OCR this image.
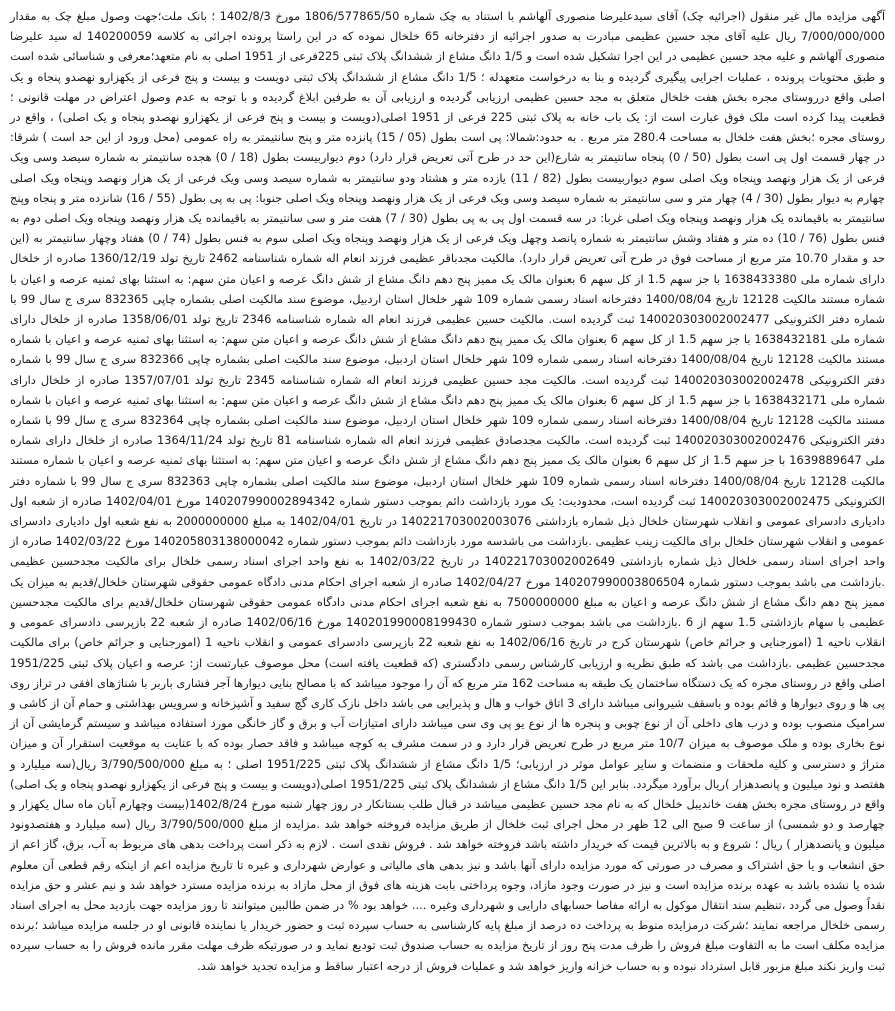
آگهی مزایده مال غیر منقول (اجرائیه چک) آقای سیدعلیرضا منصوری آلهاشم با استناد به چک شماره 1806/577865/50 مورخ 1402/8/3 ؛ بانک ملت؛جهت وصول مبلغ چک به مقدار 7/000/000/000 ریال علیه آقای مجد حسین عظیمی مبادرت به صدور اجرائیه از دفترخانه 65 خلخال نموده که در این راستا پرونده اجرائی به کلاسه 140200059 له سید علیرضا منصوری آلهاشم و علیه مجد حسین عظیمی در این اجرا تشکیل شده است و 1/5 دانگ مشاع از ششدانگ پلاک ثبتی 225فرعی از 1951 اصلی به نام متعهد؛معرفی و شناسائی شده است و طبق محتویات پرونده ، عملیات اجرایی پیگیری گردیده و بنا به درخواست متعهدله ؛ 1/5 دانگ مشاع از ششدانگ پلاک ثبتی دویست و بیست و پنج فرعی از یکهزارو نهصدو پنجاه و یک اصلی واقع درروستای مجره بخش هفت خلخال متعلق به مجد حسین عظیمی ارزیابی گردیده و ارزیابی آن به طرفین ابلاغ گردیده و با توجه به عدم وصول اعتراض در مهلت قانونی ؛ قطعیت پیدا کرده است ملک فوق عبارت است از: یک باب خانه به پلاک ثبتی 225 فرعی از 1951 اصلی(دویست و بیست و پنج فرعی از یکهزارو نهصدو پنجاه و یک اصلی) ، واقع در روستای مجره ؛بخش هفت خلخال به مساحت 280.4 متر مربع . به حدود:شمالا: پی است بطول (05 / 15) پانزده متر و پنج سانتیمتر به راه عمومی (محل ورود از این حد است ) شرقا: در چهار قسمت اول پی است بطول (50 / 0) پنجاه سانتیمتر به شارع(این حد در طرح آتی تعریض قرار دارد) دوم دیواربیست بطول (18 / 0) هجده سانتیمتر به شماره سیصد وسی ویک فرعی از یک هزار ونهصد وپنجاه ویک اصلی سوم دیواربیست بطول (82 / 11) یازده متر و هشتاد ودو سانتیمتر به شماره سیصد وسی ویک فرعی از یک هزار ونهصد وپنجاه ویک اصلی چهارم به دیوار بطول (30 / 4) چهار متر و سی سانتیمتر به شماره سیصد وسی ویک فرعی از یک هزار ونهصد وپنجاه ویک اصلی جنوبا: پی به پی بطول (55 / 16) شانزده متر و پنجاه وپنج سانتیمتر به باقیمانده یک هزار ونهصد وپنجاه ویک اصلی غربا: در سه قسمت اول پی به پی بطول (30 / 7) هفت متر و سی سانتیمتر به باقیمانده یک هزار ونهصد وپنجاه ویک اصلی دوم به فنس بطول (76 / 10) ده متر و هفتاد وشش سانتیمتر به شماره پانصد وچهل ویک فرعی از یک هزار ونهصد وپنجاه ویک اصلی سوم به فنس بطول (74 / 0) هفتاد وچهار سانتیمتر به (این حد و مقدار 10.70 متر مربع از مساحت فوق در طرح آتی تعریض قرار دارد). مالکیت مجدباقر عظیمی فرزند انعام اله شماره شناسنامه 2462 تاریخ تولد 1360/12/19 صادره از خلخال دارای شماره ملی 1638433380 با جز سهم 1.5 از کل سهم 6 بعنوان مالک یک ممیز پنج دهم دانگ مشاع از شش دانگ عرصه و اعیان متن سهم: به استثنا بهای ثمنیه عرصه و اعیان با شماره مستند مالکیت 12128 تاریخ 1400/08/04 دفترخانه اسناد رسمی شماره 109 شهر خلخال استان اردبیل، موضوع سند مالکیت اصلی بشماره چاپی 832365 سری ج سال 99 با شماره دفتر الکترونیکی 140020303002002477 ثبت گردیده است. مالکیت حسین عظیمی فرزند انعام اله شماره شناسنامه 2346 تاریخ تولد 1358/06/01 صادره از خلخال دارای شماره ملی 1638432181 با جز سهم 1.5 از کل سهم 6 بعنوان مالک یک ممیز پنج دهم دانگ مشاع از شش دانگ عرصه و اعیان متن سهم: به استثنا بهای ثمنیه عرصه و اعیان با شماره مستند مالکیت 12128 تاریخ 1400/08/04 دفترخانه اسناد رسمی شماره 109 شهر خلخال استان اردبیل، موضوع سند مالکیت اصلی بشماره چاپی 832366 سری ج سال 99 با شماره دفتر الکترونیکی 140020303002002478 ثبت گردیده است. مالکیت مجد حسین عظیمی فرزند انعام اله شماره شناسنامه 2345 تاریخ تولد 1357/07/01 صادره از خلخال دارای شماره ملی 1638432171 با جز سهم 1.5 از کل سهم 6 بعنوان مالک یک ممیز پنج دهم دانگ مشاع از شش دانگ عرصه و اعیان متن سهم: به استثنا بهای ثمنیه عرصه و اعیان با شماره مستند مالکیت 12128 تاریخ 1400/08/04 دفترخانه اسناد رسمی شماره 109 شهر خلخال استان اردبیل، موضوع سند مالکیت اصلی بشماره چاپی 832364 سری ج سال 99 با شماره دفتر الکترونیکی 140020303002002476 ثبت گردیده است. مالکیت مجدصادق عظیمی فرزند انعام اله شماره شناسنامه 81 تاریخ تولد 1364/11/24 صادره از خلخال دارای شماره ملی 1639889647 با جز سهم 1.5 از کل سهم 6 بعنوان مالک یک ممیز پنج دهم دانگ مشاع از شش دانگ عرصه و اعیان متن سهم: به استثنا بهای ثمنیه عرصه و اعیان با شماره مستند مالکیت 12128 تاریخ 1400/08/04 دفترخانه اسناد رسمی شماره 109 شهر خلخال استان اردبیل، موضوع سند مالکیت اصلی بشماره چاپی 832363 سری ج سال 99 با شماره دفتر الکترونیکی 140020303002002475 ثبت گردیده است، محدودیت: یک مورد بازداشت دائم بموجب دستور شماره 140207990002894342 مورخ 1402/04/01 صادره از شعبه اول دادیاری دادسرای عمومی و انقلاب شهرستان خلخال ذیل شماره بازداشتی 140221703002003076 در تاریخ 1402/04/01 به مبلغ 2000000000 به نفع شعبه اول دادیاری دادسرای عمومی و انقلاب شهرستان خلخال برای مالکیت زینب عظیمی .بازداشت می باشدسه مورد بازداشت دائم بموجب دستور شماره 140205803138000042 مورخ 1402/03/22 صادره از واحد اجرای اسناد رسمی خلخال ذیل شماره بازداشتی 140221703002002649 در تاریخ 1402/03/22 به نفع واحد اجرای اسناد رسمی خلخال برای مالکیت مجدحسین عظیمی .بازداشت می باشد بموجب دستور شماره 140207990003806504 مورخ 1402/04/27 صادره از شعبه اجرای احکام مدنی دادگاه عمومی حقوقی شهرستان خلخال/قدیم به میزان یک ممیز پنج دهم دانگ مشاع از شش دانگ عرصه و اعیان به مبلغ 7500000000 به نفع شعبه اجرای احکام مدنی دادگاه عمومی حقوقی شهرستان خلخال/قدیم برای مالکیت مجدحسین عظیمی با سهام بازداشتی 1.5 سهم از 6 .بازداشت می باشد بموجب دستور شماره 140201990008199430 مورخ 1402/06/16 صادره از شعبه 22 بازپرسی دادسرای عمومی و انقلاب ناحیه 1 (امورجنایی و جرائم خاص) شهرستان کرج در تاریخ 1402/06/16 به نفع شعبه 22 بازپرسی دادسرای عمومی و انقلاب ناحیه 1 (امورجنایی و جرائم خاص) برای مالکیت مجدحسین عظیمی .بازداشت می باشد که طبق نظریه و ارزیابی کارشناس رسمی دادگستری (که قطعیت یافته است) محل موصوف عبارتست از: عرصه و اعیان پلاک ثبتی 1951/225 اصلی واقع در روستای مجره که یک دستگاه ساختمان یک طبقه به مساحت 162 متر مربع که آن را موجود میباشد که با مصالح بنایی دیوارها آجر فشاری باربر با شناژهای افقی در تراز روی پی ها و روی دیوارها و قائم بوده و باسقف شیروانی میباشد دارای 3 اتاق خواب و هال و پذیرایی می باشد داخل نازک کاری گچ سفید و آشپزخانه و سرویس بهداشتی و حمام آن از کاشی و سرامیک منصوب بوده و درب های داخلی آن از نوع چوبی و پنجره ها از نوع یو پی وی سی میباشد دارای امتیازات آب و برق و گاز خانگی مورد استفاده میباشد و سیستم گرمایشی آن از نوع بخاری بوده و ملک موصوف به میزان 10/7 متر مربع در طرح تعریض قرار دارد و در سمت مشرف به کوچه میباشد و فاقد حصار بوده که با عنایت به موقعیت استقرار آن و میزان متراژ و دسترسی و کلیه ملحقات و منضمات و سایر عوامل موثر در ارزیابی؛ 1/5 دانگ مشاع از ششدانگ پلاک ثبتی 1951/225 اصلی ؛ به مبلغ 3/790/500/000 ریال(سه میلیارد و هفتصد و نود میلیون و پانصدهزار )ریال برآورد میگردد. بنابر این 1/5 دانگ مشاع از ششدانگ پلاک ثبتی 1951/225 اصلی(دویست و بیست و پنج فرعی از یکهزارو نهصدو پنجاه و یک اصلی) واقع در روستای مجره بخش هفت خاندیبل خلخال که به نام مجد حسین عظیمی میباشد در قبال طلب بستانکار در روز چهار شنبه مورخ 1402/8/24(بیست وچهارم آبان ماه سال یکهزار و چهارصد و دو شمسی) از ساعت 9 صبح الی 12 ظهر در محل اجرای ثبت خلخال از طریق مزایده فروخته خواهد شد .مزایده از مبلغ 3/790/500/000 ریال (سه میلیارد و هفتصدونود میلیون و پانصدهزار ) ریال ؛ شروع و به بالاترین قیمت که خریدار داشته باشد فروخته خواهد شد . فروش نقدی است . لازم به ذکر است پرداخت بدهی های مربوط به آب، برق، گاز اعم از حق انشعاب و یا حق اشتراک و مصرف در صورتی که مورد مزایده دارای آنها باشد و نیز بدهی های مالیاتی و عوارض شهرداری و غیره تا تاریخ مزایده اعم از اینکه رقم قطعی آن معلوم شده یا نشده باشد به عهده برنده مزایده است و نیز در صورت وجود مازاد، وجوه پرداختی بابت هزینه های فوق از محل مازاد به برنده مزایده مسترد خواهد شد و نیم عشر و حق مزایده نقداً وصول می گردد ،تنظیم سند انتقال موکول به ارائه مفاصا حسابهای دارایی و شهرداری وغیره .... خواهد بود % در ضمن طالبین میتوانند تا روز مزایده جهت بازدید محل به اجرای اسناد رسمی خلخال مراجعه نمایند ؛شرکت درمزایده منوط به پرداخت ده درصد از مبلغ پایه کارشناسی به حساب سپرده ثبت و حضور خریدار یا نماینده قانونی او در جلسه مزایده میباشد ؛برنده مزایده مکلف است ما به التفاوت مبلغ فروش را ظرف مدت پنج روز از تاریخ مزایده به حساب صندوق ثبت تودیع نماید و در صورتیکه ظرف مهلت مقرر مانده فروش را به حساب سپرده ثبت واریز نکند مبلغ مزبور قابل استرداد نبوده و به حساب خزانه واریز خواهد شد و عملیات فروش از درجه اعتبار ساقط و مزایده تجدید خواهد شد.
